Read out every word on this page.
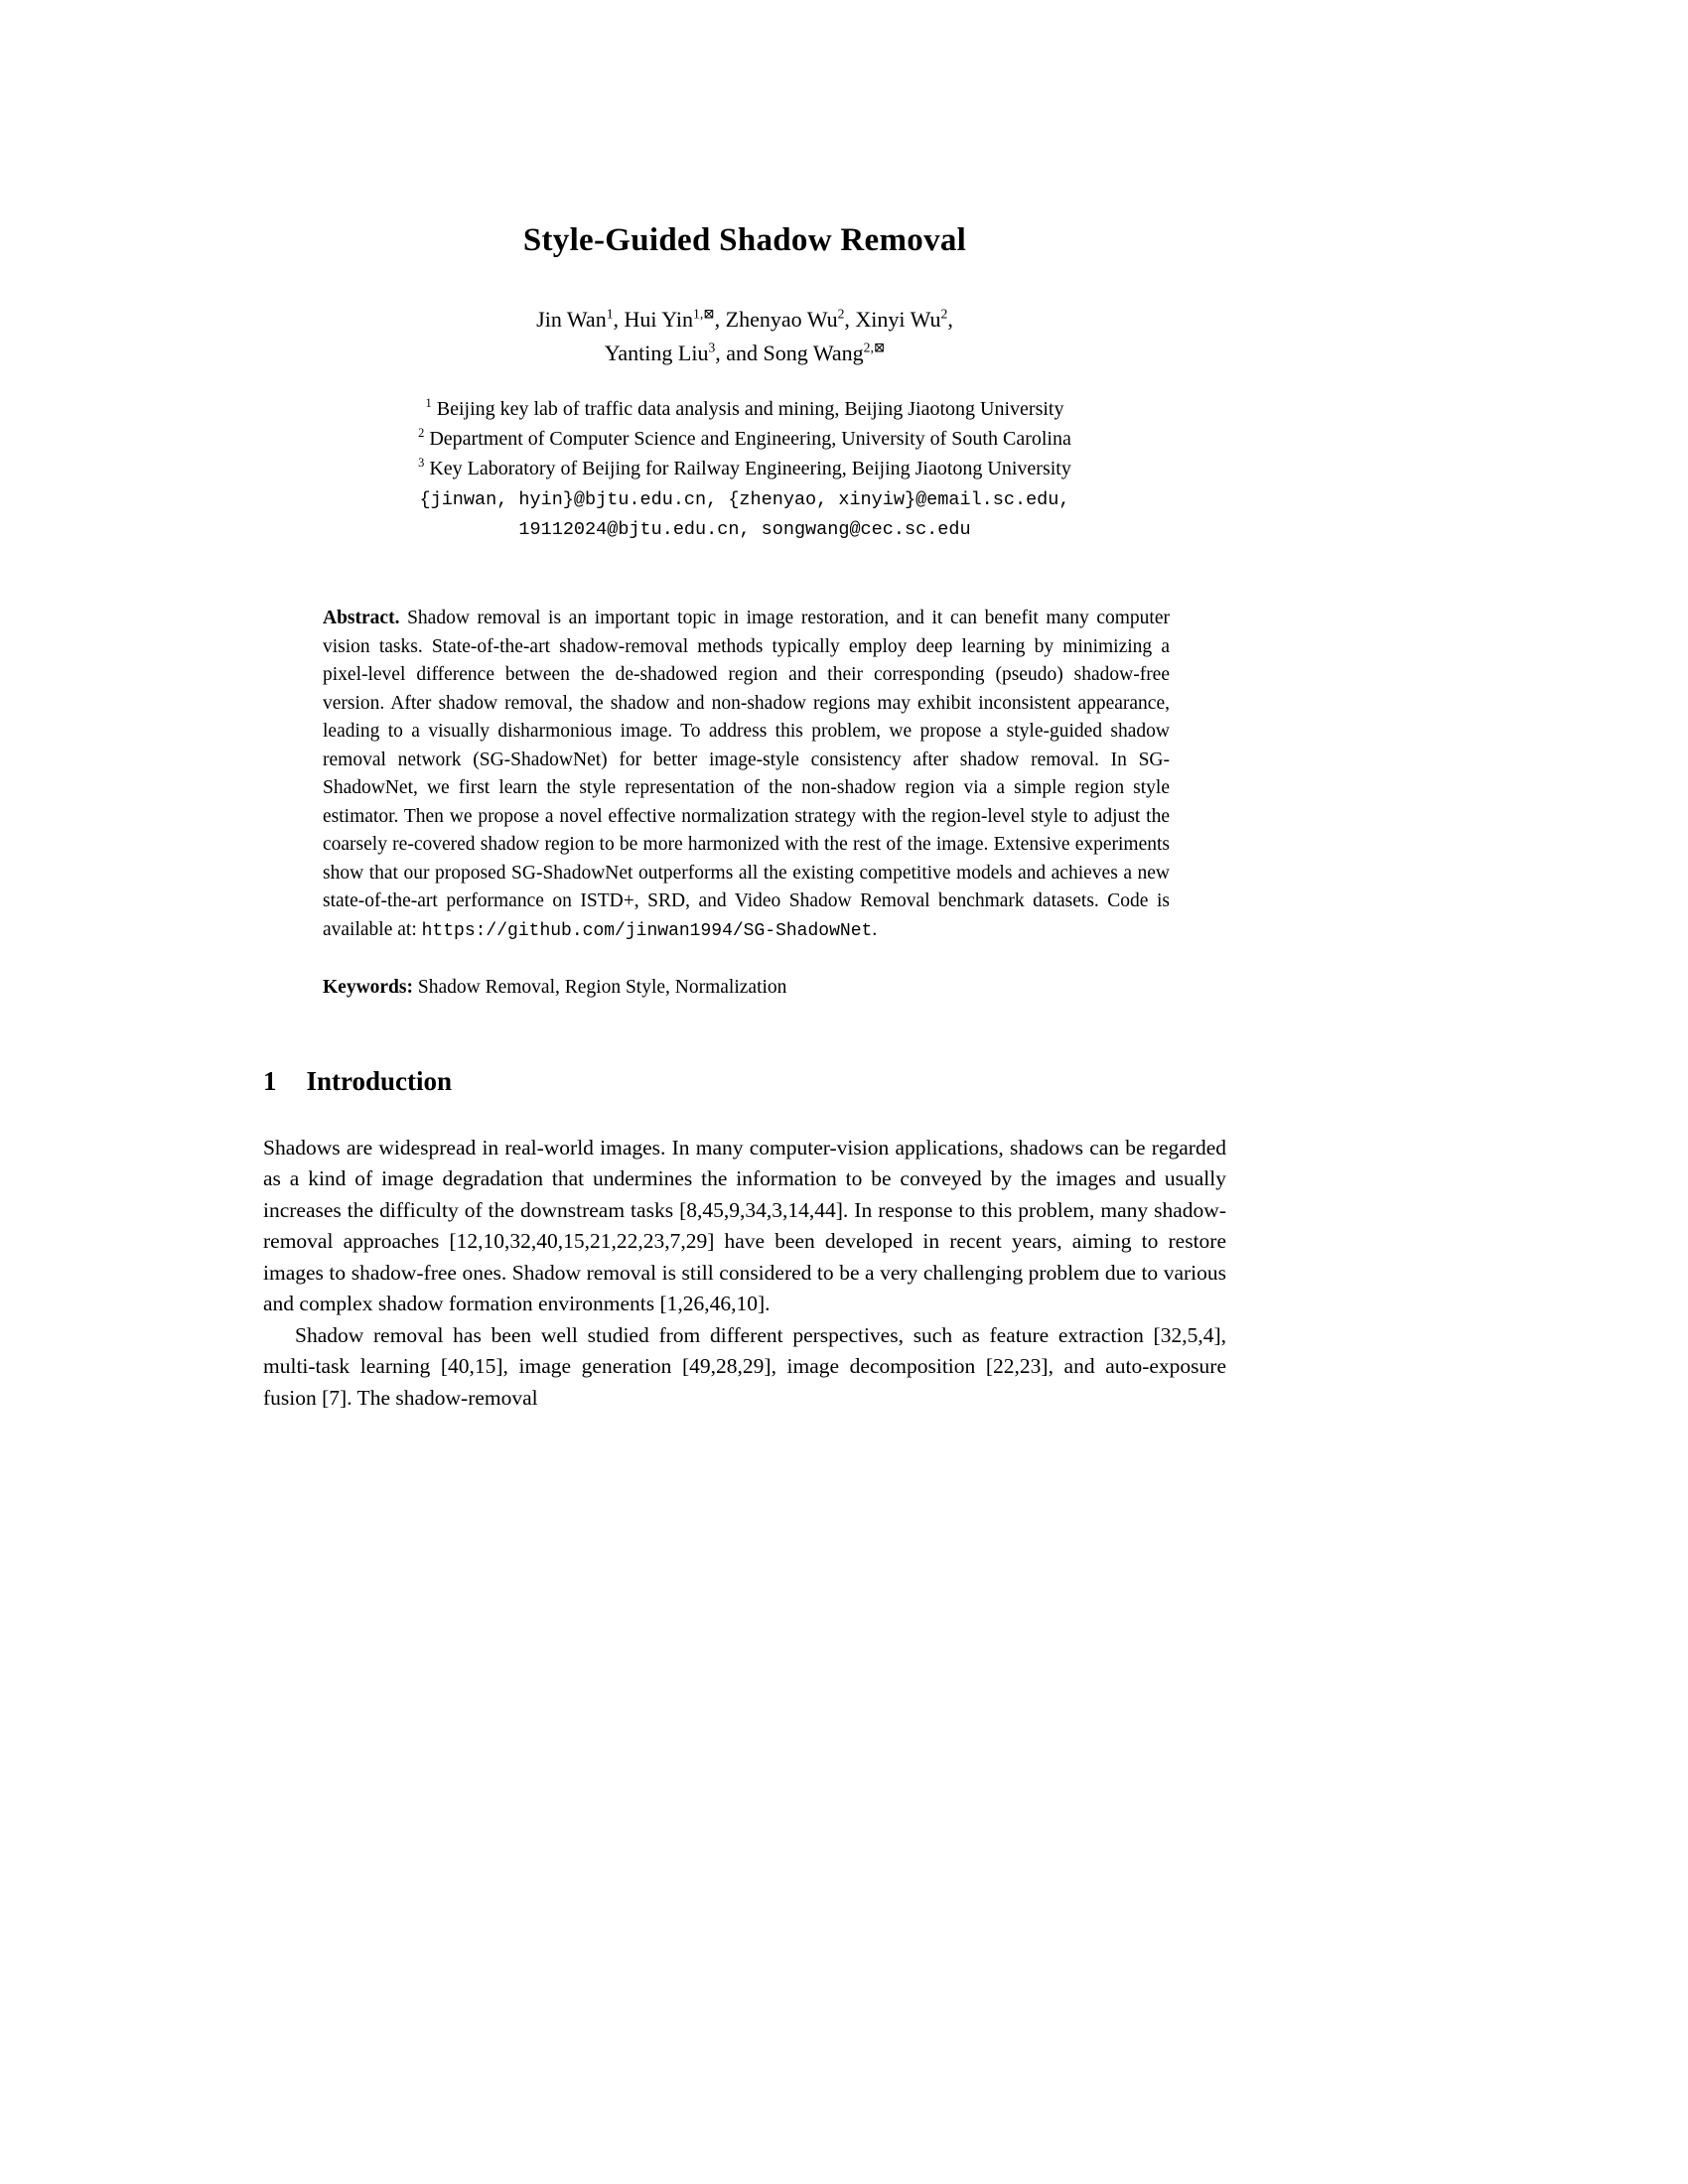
Style-Guided Shadow Removal
Jin Wan$^1$, Hui Yin$^{1,⊠}$, Zhenyao Wu$^2$, Xinyi Wu$^2$,
Yanting Liu$^3$, and Song Wang$^{2,⊠}$
$^1$ Beijing key lab of traffic data analysis and mining, Beijing Jiaotong University
$^2$ Department of Computer Science and Engineering, University of South Carolina
$^3$ Key Laboratory of Beijing for Railway Engineering, Beijing Jiaotong University
{jinwan, hyin}@bjtu.edu.cn, {zhenyao, xinyiw}@email.sc.edu,
19112024@bjtu.edu.cn, songwang@cec.sc.edu

Abstract. Shadow removal is an important topic in image restoration, and it can benefit many computer vision tasks. State-of-the-art shadow-removal methods typically employ deep learning by minimizing a pixel-level difference between the de-shadowed region and their corresponding (pseudo) shadow-free version. After shadow removal, the shadow and non-shadow regions may exhibit inconsistent appearance, leading to a visually disharmonious image. To address this problem, we propose a style-guided shadow removal network (SG-ShadowNet) for better image-style consistency after shadow removal. In SG-ShadowNet, we first learn the style representation of the non-shadow region via a simple region style estimator. Then we propose a novel effective normalization strategy with the region-level style to adjust the coarsely re-covered shadow region to be more harmonized with the rest of the image. Extensive experiments show that our proposed SG-ShadowNet outperforms all the existing competitive models and achieves a new state-of-the-art performance on ISTD+, SRD, and Video Shadow Removal benchmark datasets. Code is available at: https://github.com/jinwan1994/SG-ShadowNet.

Keywords: Shadow Removal, Region Style, Normalization

1 Introduction

Shadows are widespread in real-world images. In many computer-vision applications, shadows can be regarded as a kind of image degradation that undermines the information to be conveyed by the images and usually increases the difficulty of the downstream tasks [8,45,9,34,3,14,44]. In response to this problem, many shadow-removal approaches [12,10,32,40,15,21,22,23,7,29] have been developed in recent years, aiming to restore images to shadow-free ones. Shadow removal is still considered to be a very challenging problem due to various and complex shadow formation environments [1,26,46,10].

Shadow removal has been well studied from different perspectives, such as feature extraction [32,5,4], multi-task learning [40,15], image generation [49,28,29], image decomposition [22,23], and auto-exposure fusion [7]. The shadow-removal
